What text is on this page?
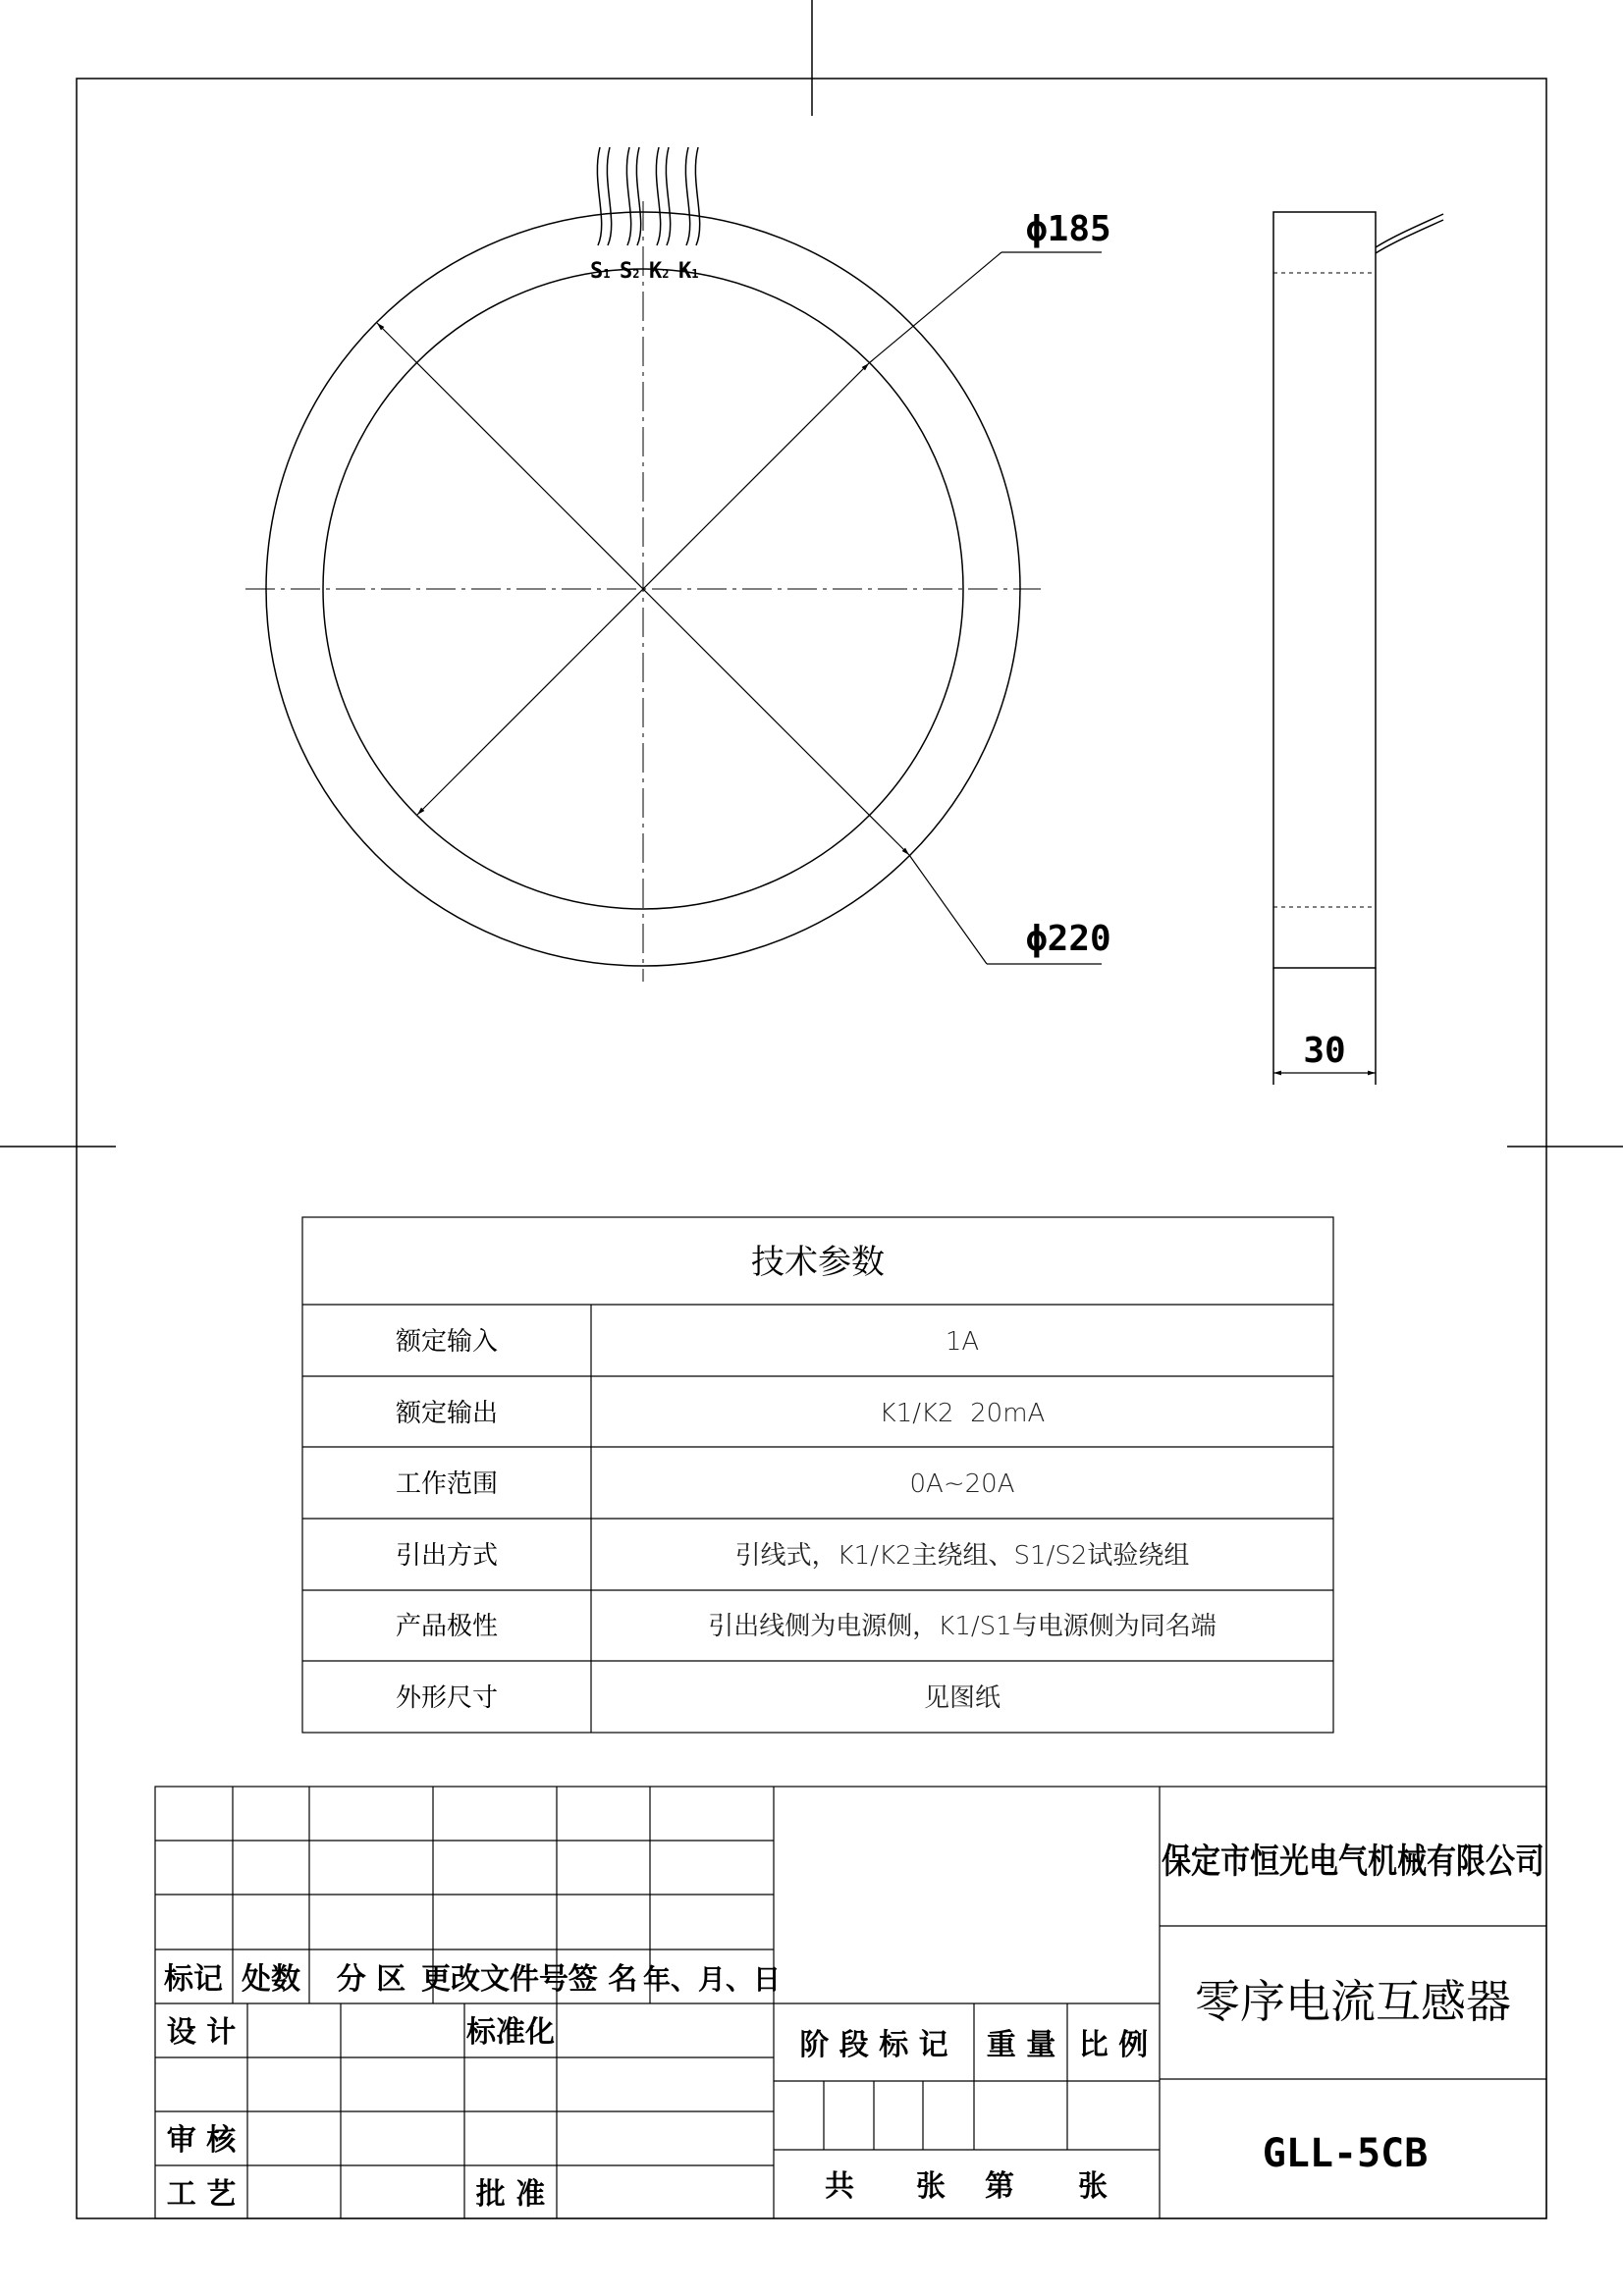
S1 S2 K2 K1
ϕ220
ϕ185
30
技术参数
额定输入	1A
额定输出	K1/K2  20mA
工作范围	0A~20A
引出方式	引线式，K1/K2主绕组、S1/S2试验绕组
产品极性	引出线侧为电源侧，K1/S1与电源侧为同名端
外形尺寸	见图纸
标记 处数 分 区 更改文件号 签 名 年、月、日
设 计	标准化
审 核
工 艺	批 准
阶 段 标 记 重 量 比 例
共 张 第 张
保定市恒光电气机械有限公司
零序电流互感器
GLL-5CB
